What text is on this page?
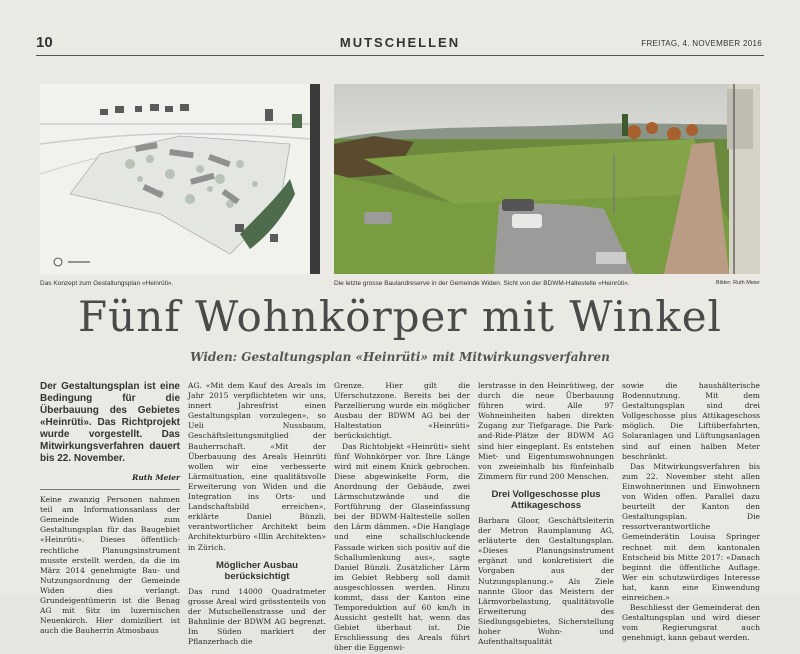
10	MUTSCHELLEN	FREITAG, 4. NOVEMBER 2016
Das Konzept zum Gestaltungsplan «Heinrüti».	Die letzte grosse Baulandreserve in der Gemeinde Widen. Sicht von der BDWM-Haltestelle «Heinrüti».	Bilder: Ruth Meier
Fünf Wohnkörper mit Winkel
Widen: Gestaltungsplan «Heinrüti» mit Mitwirkungsverfahren

Der Gestaltungsplan ist eine Bedingung für die Überbauung des Gebietes «Heinrüti». Das Richtprojekt wurde vorgestellt. Das Mitwirkungsverfahren dauert bis 22. November.

Ruth Meier

Keine zwanzig Personen nahmen teil am Informationsanlass der Gemeinde Widen zum Gestaltungsplan für das Baugebiet «Heinrüti». Dieses öffentlich-rechtliche Planungsinstrument musste erstellt werden, da die im März 2014 genehmigte Bau- und Nutzungsordnung der Gemeinde Widen dies verlangt. Grundeigentümerin ist die Benag AG mit Sitz im luzernischen Neuenkirch. Hier domiziliert ist auch die Bauherrin Atmosbaus

AG. «Mit dem Kauf des Areals im Jahr 2015 verpflichteten wir uns, innert Jahresfrist einen Gestaltungsplan vorzulegen», so Ueli Nussbaum, Geschäftsleitungsmitglied der Bauherrschaft. «Mit der Überbauung des Areals Heinrüti wollen wir eine verbesserte Lärmsituation, eine qualitätsvolle Erweiterung von Widen und die Integration ins Orts- und Landschaftsbild erreichen», erklärte Daniel Bünzli, verantwortlicher Architekt beim Architekturbüro «Illin Architekten» in Zürich.

Möglicher Ausbau berücksichtigt

Das rund 14000 Quadratmeter grosse Areal wird grösstenteils von der Mutschellenstrasse und der Bahnlinie der BDWM AG begrenzt. Im Süden markiert der Pflanzerbach die

Grenze. Hier gilt die Uferschutzzone. Bereits bei der Parzellierung wurde ein möglicher Ausbau der BDWM AG bei der Haltestation «Heinrüti» berücksichtigt.

Das Richtobjekt «Heinrüti» sieht fünf Wohnkörper vor. Ihre Länge wird mit einem Knick gebrochen. Diese abgewinkelte Form, die Anordnung der Gebäude, zwei Lärmschutzwände und die Fortführung der Glaseinfassung bei der BDWM-Haltestelle sollen den Lärm dämmen. «Die Hanglage und eine schallschluckende Fassade wirken sich positiv auf die Schallumlenkung aus», sagte Daniel Bünzli. Zusätzlicher Lärm im Gebiet Rebberg soll damit ausgeschlossen werden. Hinzu kommt, dass der Kanton eine Temporeduktion auf 60 km/h in Aussicht gestellt hat, wenn das Gebiet überbaut ist. Die Erschliessung des Areals führt über die Eggenwi-

lerstrasse in den Heinrütiweg, der durch die neue Überbauung führen wird. Alle 97 Wohneinheiten haben direkten Zugang zur Tiefgarage. Die Park-and-Ride-Plätze der BDWM AG sind hier eingeplant. Es entstehen Miet- und Eigentumswohnungen von zweieinhalb bis fünfeinhalb Zimmern für rund 200 Menschen.

Drei Vollgeschosse plus Attikageschoss

Barbara Gloor, Geschäftsleiterin der Metron Raumplanung AG, erläuterte den Gestaltungsplan. «Dieses Planungsinstrument ergänzt und konkretisiert die Vorgaben aus der Nutzungsplanung.» Als Ziele nannte Gloor das Meistern der Lärmvorbelastung, qualitätsvolle Erweiterung des Siedlungsgebietes, Sicherstellung hoher Wohn- und Aufenthaltsqualität

sowie die haushälterische Bodennutzung. Mit dem Gestaltungsplan sind drei Vollgeschosse plus Attikageschoss möglich. Die Liftüberfahrten, Solaranlagen und Lüftungsanlagen sind auf einen halben Meter beschränkt.

Das Mitwirkungsverfahren bis zum 22. November steht allen Einwohnerinnen und Einwohnern von Widen offen. Parallel dazu beurteilt der Kanton den Gestaltungsplan. Die ressortverantwortliche Gemeinderätin Louisa Springer rechnet mit dem kantonalen Entscheid bis Mitte 2017: «Danach beginnt die öffentliche Auflage. Wer ein schutzwürdiges Interesse hat, kann eine Einwendung einreichen.»

Beschliesst der Gemeinderat den Gestaltungsplan und wird dieser vom Regierungsrat auch genehmigt, kann gebaut werden.
